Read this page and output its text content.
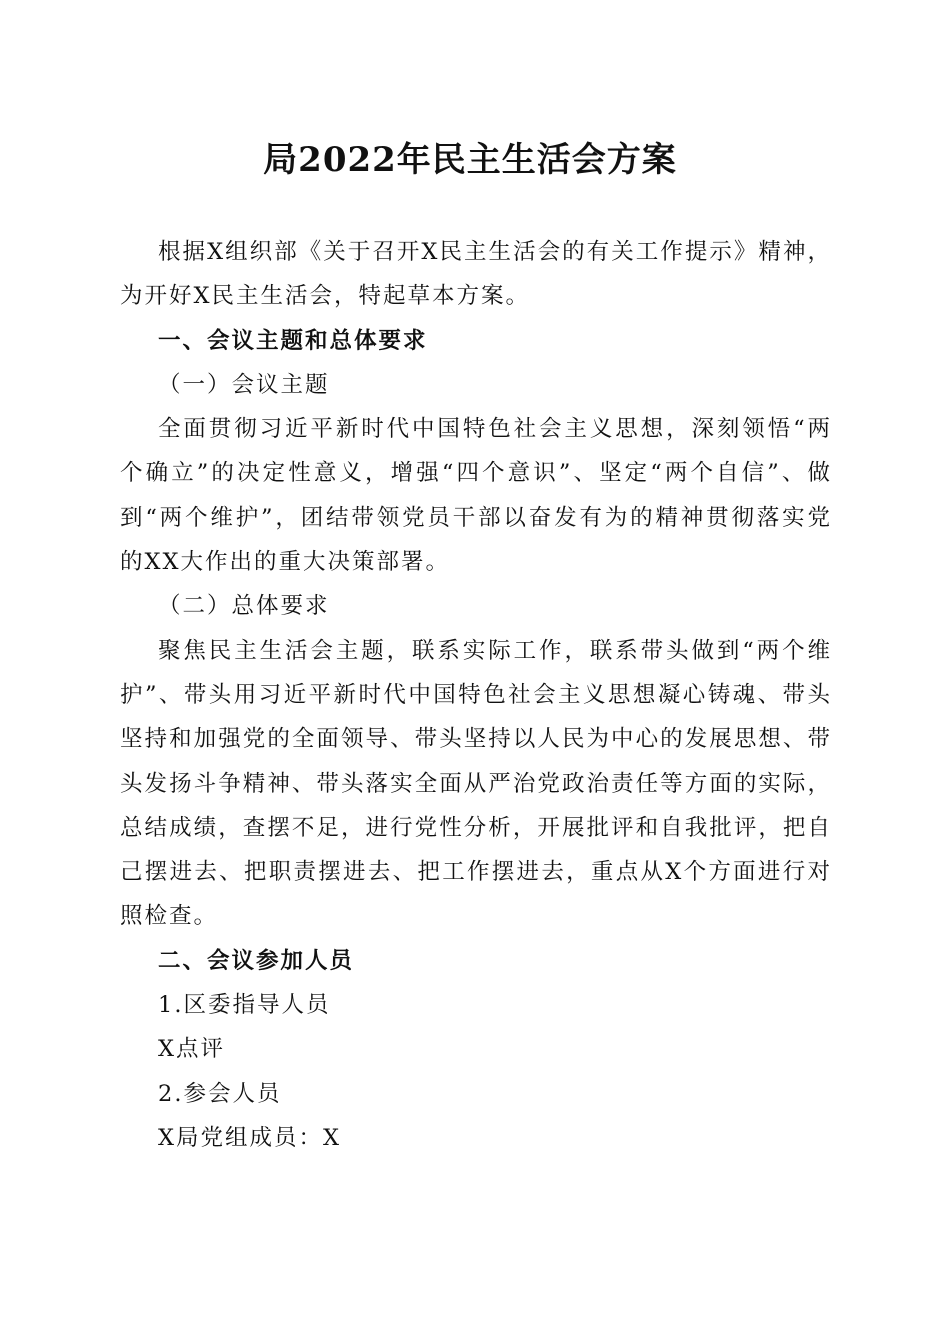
局2022年民主生活会方案

根据X组织部《关于召开X民主生活会的有关工作提示》精神，为开好X民主生活会，特起草本方案。

一、会议主题和总体要求

（一）会议主题

全面贯彻习近平新时代中国特色社会主义思想，深刻领悟“两个确立”的决定性意义，增强“四个意识”、坚定“两个自信”、做到“两个维护”，团结带领党员干部以奋发有为的精神贯彻落实党的XX大作出的重大决策部署。

（二）总体要求

聚焦民主生活会主题，联系实际工作，联系带头做到“两个维护”、带头用习近平新时代中国特色社会主义思想凝心铸魂、带头坚持和加强党的全面领导、带头坚持以人民为中心的发展思想、带头发扬斗争精神、带头落实全面从严治党政治责任等方面的实际，总结成绩，查摆不足，进行党性分析，开展批评和自我批评，把自己摆进去、把职责摆进去、把工作摆进去，重点从X个方面进行对照检查。

二、会议参加人员

1.区委指导人员

X点评

2.参会人员

X局党组成员：X
